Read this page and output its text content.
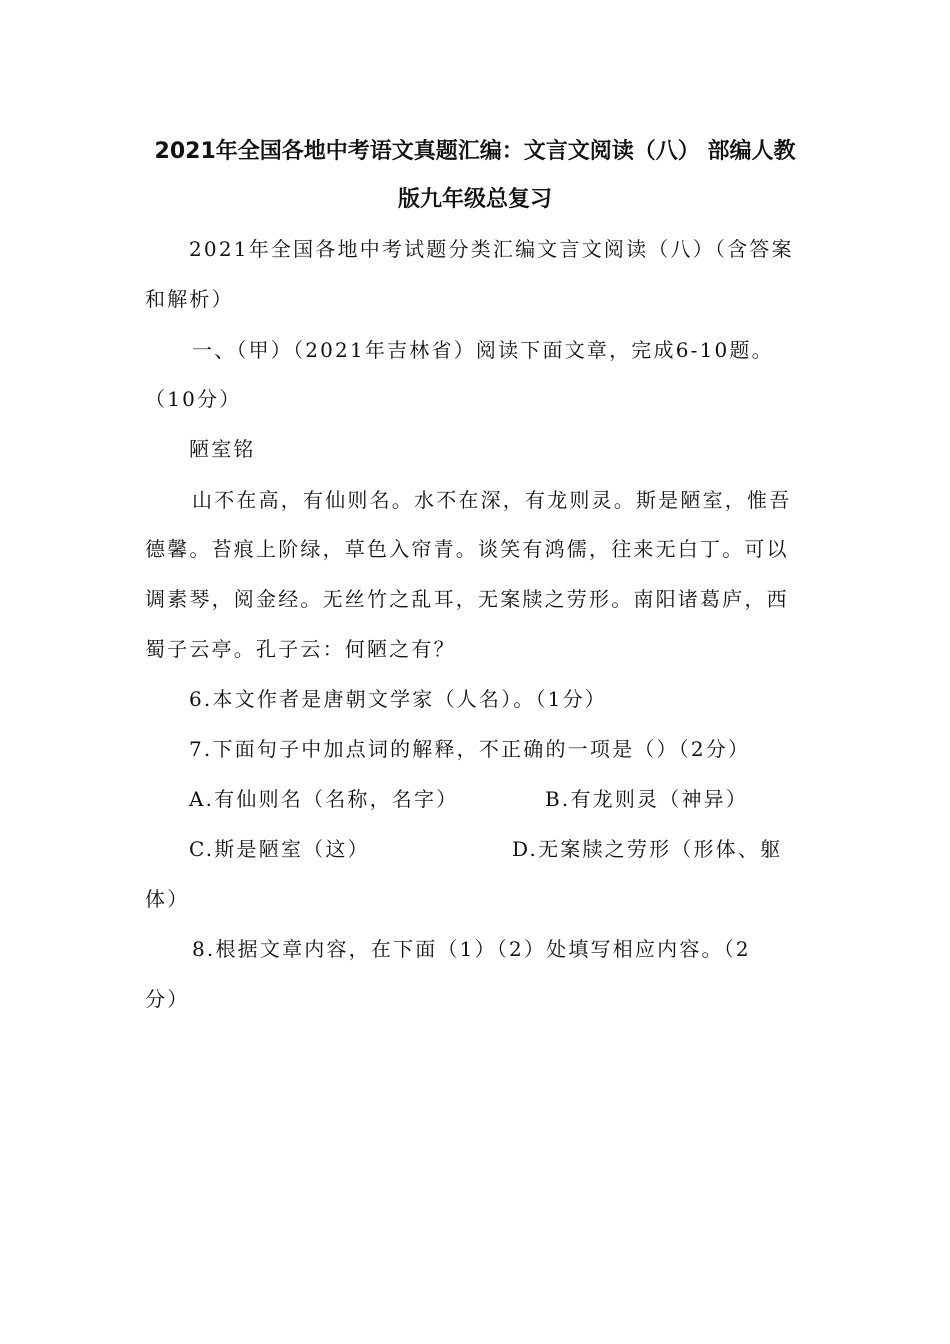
2021年全国各地中考语文真题汇编：文言文阅读（八） 部编人教
版九年级总复习
2021年全国各地中考试题分类汇编文言文阅读（八）（含答案
和解析）
一、（甲）（2021年吉林省）阅读下面文章，完成6-10题。
（10分）
陋室铭
山不在高，有仙则名。水不在深，有龙则灵。斯是陋室，惟吾
德馨。苔痕上阶绿，草色入帘青。谈笑有鸿儒，往来无白丁。可以
调素琴，阅金经。无丝竹之乱耳，无案牍之劳形。南阳诸葛庐，西
蜀子云亭。孔子云：何陋之有？
6.本文作者是唐朝文学家（人名）。（1分）
7.下面句子中加点词的解释，不正确的一项是（）（2分）
A.有仙则名（名称，名字）	B.有龙则灵（神异）
C.斯是陋室（这）	D.无案牍之劳形（形体、躯
体）
8.根据文章内容，在下面（1）（2）处填写相应内容。（2
分）
